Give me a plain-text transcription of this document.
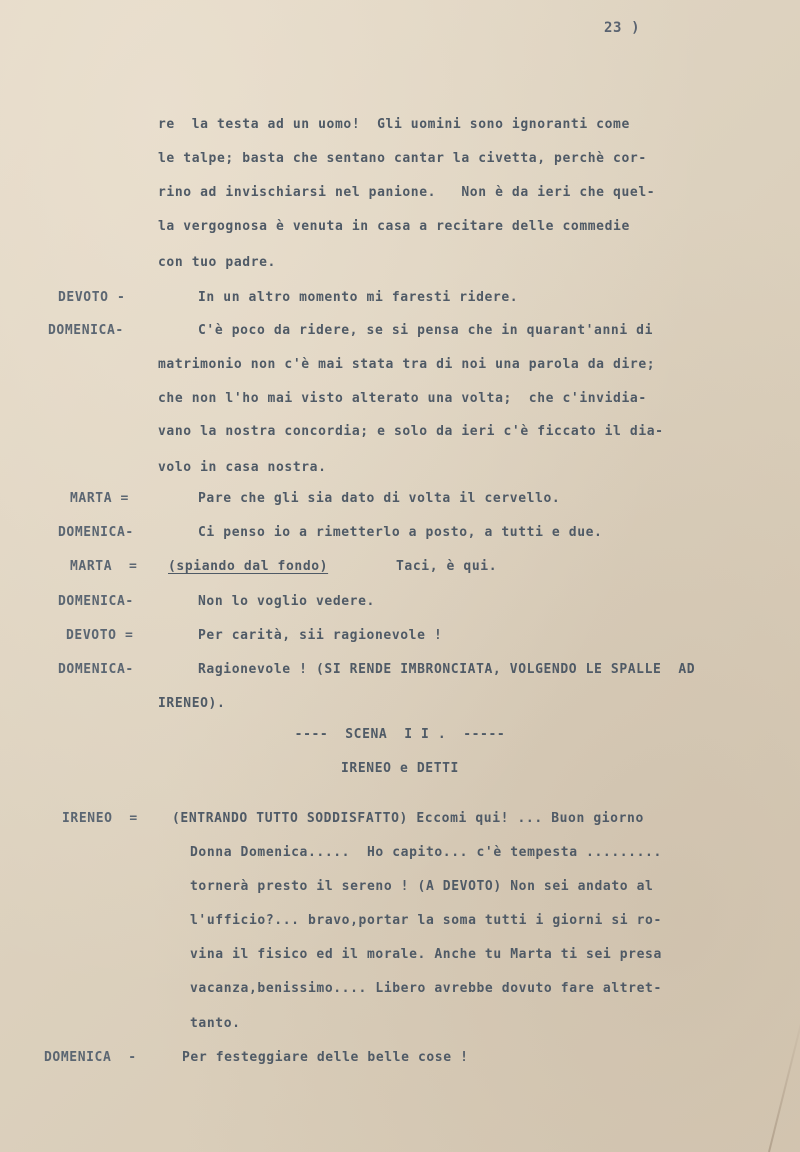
23 )
re  la testa ad un uomo!  Gli uomini sono ignoranti come
le talpe; basta che sentano cantar la civetta, perchè cor-
rino ad invischiarsi nel panione.   Non è da ieri che quel-
la vergognosa è venuta in casa a recitare delle commedie
con tuo padre.
DEVOTO -	In un altro momento mi faresti ridere.
DOMENICA-	C'è poco da ridere, se si pensa che in quarant'anni di
matrimonio non c'è mai stata tra di noi una parola da dire;
che non l'ho mai visto alterato una volta;  che c'invidia-
vano la nostra concordia; e solo da ieri c'è ficcato il dia-
volo in casa nostra.
MARTA =	Pare che gli sia dato di volta il cervello.
DOMENICA-	Ci penso io a rimetterlo a posto, a tutti e due.
MARTA  = (spiando dal fondo)	Taci, è qui.
DOMENICA-	Non lo voglio vedere.
DEVOTO =	Per carità, sii ragionevole !
DOMENICA-	Ragionevole ! (SI RENDE IMBRONCIATA, VOLGENDO LE SPALLE  AD
IRENEO).
----  SCENA  I I .  -----
IRENEO e DETTI
IRENEO  =	(ENTRANDO TUTTO SODDISFATTO) Eccomi qui! ... Buon giorno
Donna Domenica.....  Ho capito... c'è tempesta .........
tornerà presto il sereno ! (A DEVOTO) Non sei andato al
l'ufficio?... bravo,portar la soma tutti i giorni si ro-
vina il fisico ed il morale. Anche tu Marta ti sei presa
vacanza,benissimo.... Libero avrebbe dovuto fare altret-
tanto.
DOMENICA  -	Per festeggiare delle belle cose !
